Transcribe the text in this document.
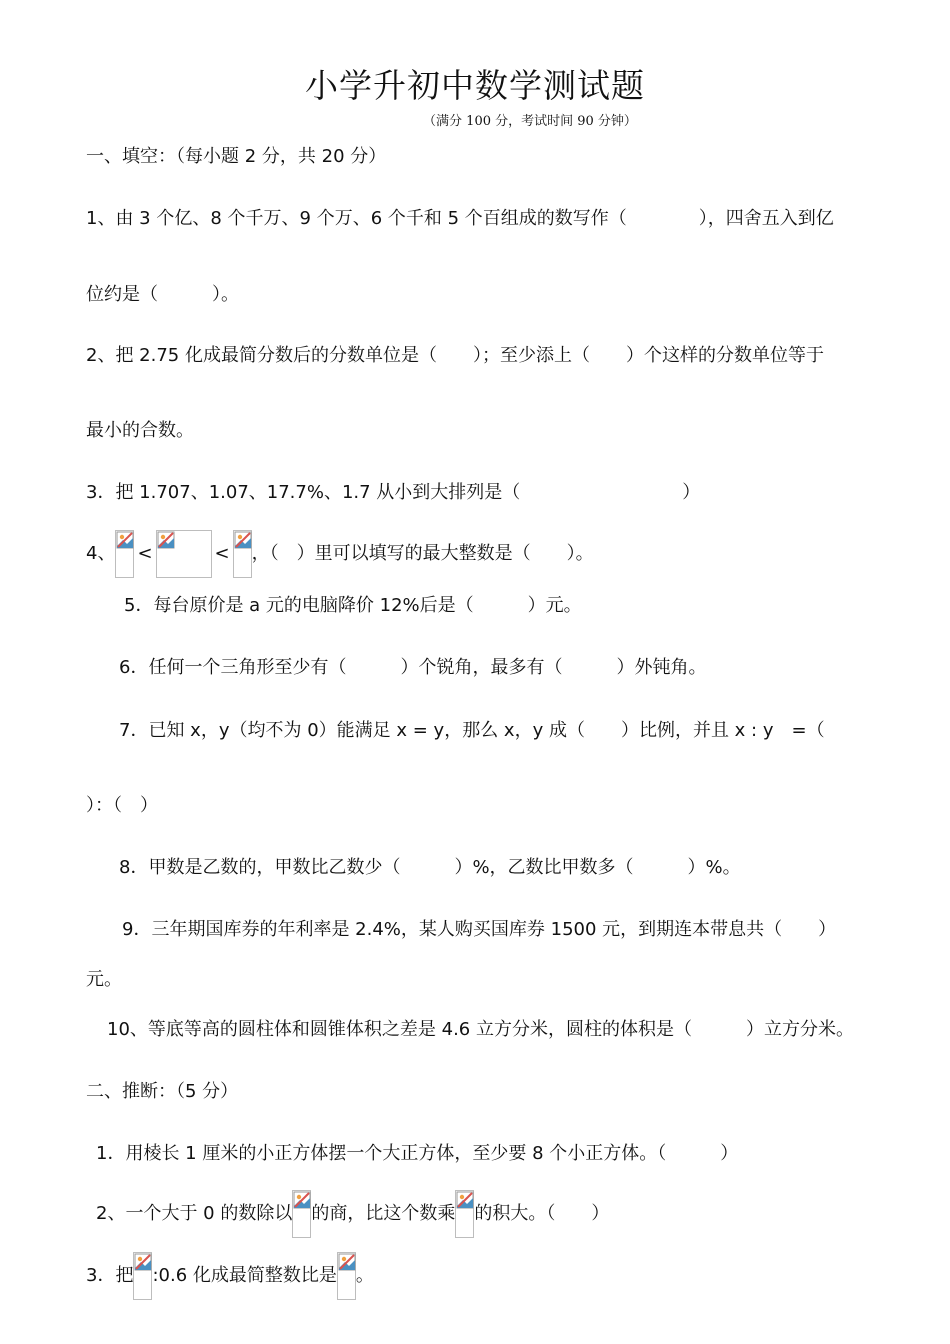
小学升初中数学测试题
（满分 100 分，考试时间 90 分钟）
一、填空：（每小题 2 分，共 20 分）
1、由 3 个亿、8 个千万、9 个万、6 个千和 5 个百组成的数写作（　　　　），四舍五入到亿
位约是（　　　）。
2、把 2.75 化成最简分数后的分数单位是（　　）；至少添上（　　）个这样的分数单位等于
最小的合数。
3．把 1.707、1.07、17.7%、1.7 从小到大排列是（　　　　　　　　　）
4、 <	< ，（　）里可以填写的最大整数是（　　）。
5．每台原价是 a 元的电脑降价 12%后是（　　　）元。
6．任何一个三角形至少有（　　　）个锐角，最多有（　　　）外钝角。
7．已知 x，y（均不为 0）能满足 x = y，那么 x，y 成（　　）比例，并且 x : y　=（
）：（　）
8．甲数是乙数的，甲数比乙数少（　　　）%，乙数比甲数多（　　　）%。
9．三年期国库券的年利率是 2.4%，某人购买国库券 1500 元，到期连本带息共（　　）
元。
10、等底等高的圆柱体和圆锥体积之差是 4.6 立方分米，圆柱的体积是（　　　）立方分米。
二、推断：（5 分）
1．用棱长 1 厘米的小正方体摆一个大正方体，至少要 8 个小正方体。（　　　）
2、一个大于 0 的数除以 的商，比这个数乘 的积大。（　　）
3．把 :0.6 化成最简整数比是 。
